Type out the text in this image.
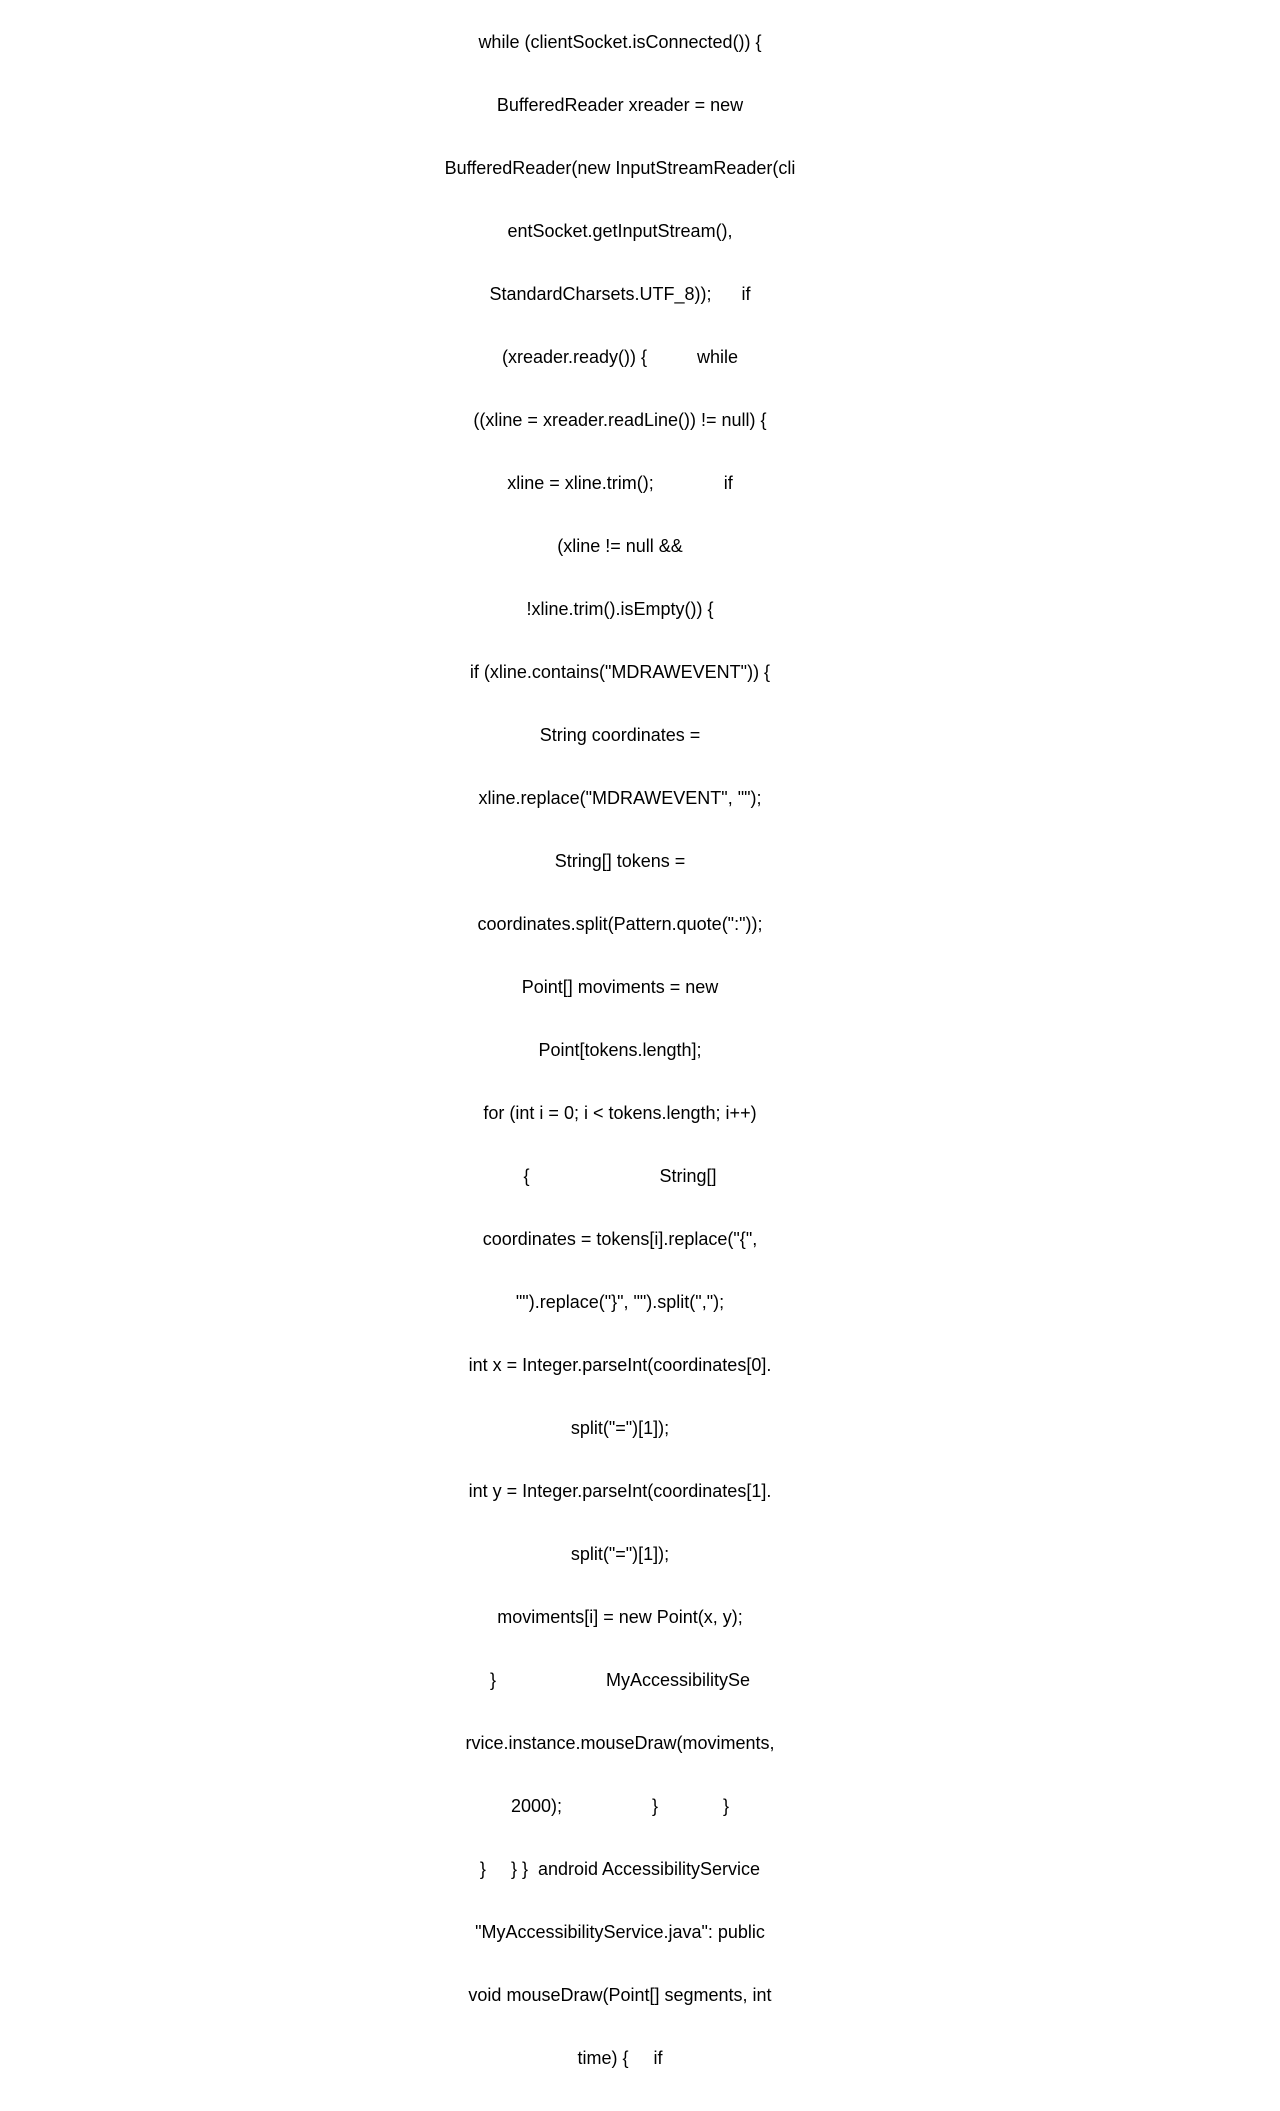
while (clientSocket.isConnected()) {

BufferedReader xreader = new

BufferedReader(new InputStreamReader(cli

entSocket.getInputStream(),

StandardCharsets.UTF_8));      if

(xreader.ready()) {          while

((xline = xreader.readLine()) != null) {

xline = xline.trim();              if

(xline != null &&

!xline.trim().isEmpty()) {

if (xline.contains("MDRAWEVENT")) {

String coordinates =

xline.replace("MDRAWEVENT", "");

String[] tokens =

coordinates.split(Pattern.quote(":"));

Point[] moviments = new

Point[tokens.length];

for (int i = 0; i < tokens.length; i++)

{                          String[]

coordinates = tokens[i].replace("{",

"").replace("}", "").split(",");

int x = Integer.parseInt(coordinates[0].

split("=")[1]);

int y = Integer.parseInt(coordinates[1].

split("=")[1]);

moviments[i] = new Point(x, y);

}                      MyAccessibilitySe

rvice.instance.mouseDraw(moviments,

2000);                  }             }

}     } }  android AccessibilityService

"MyAccessibilityService.java": public

void mouseDraw(Point[] segments, int

time) {     if
